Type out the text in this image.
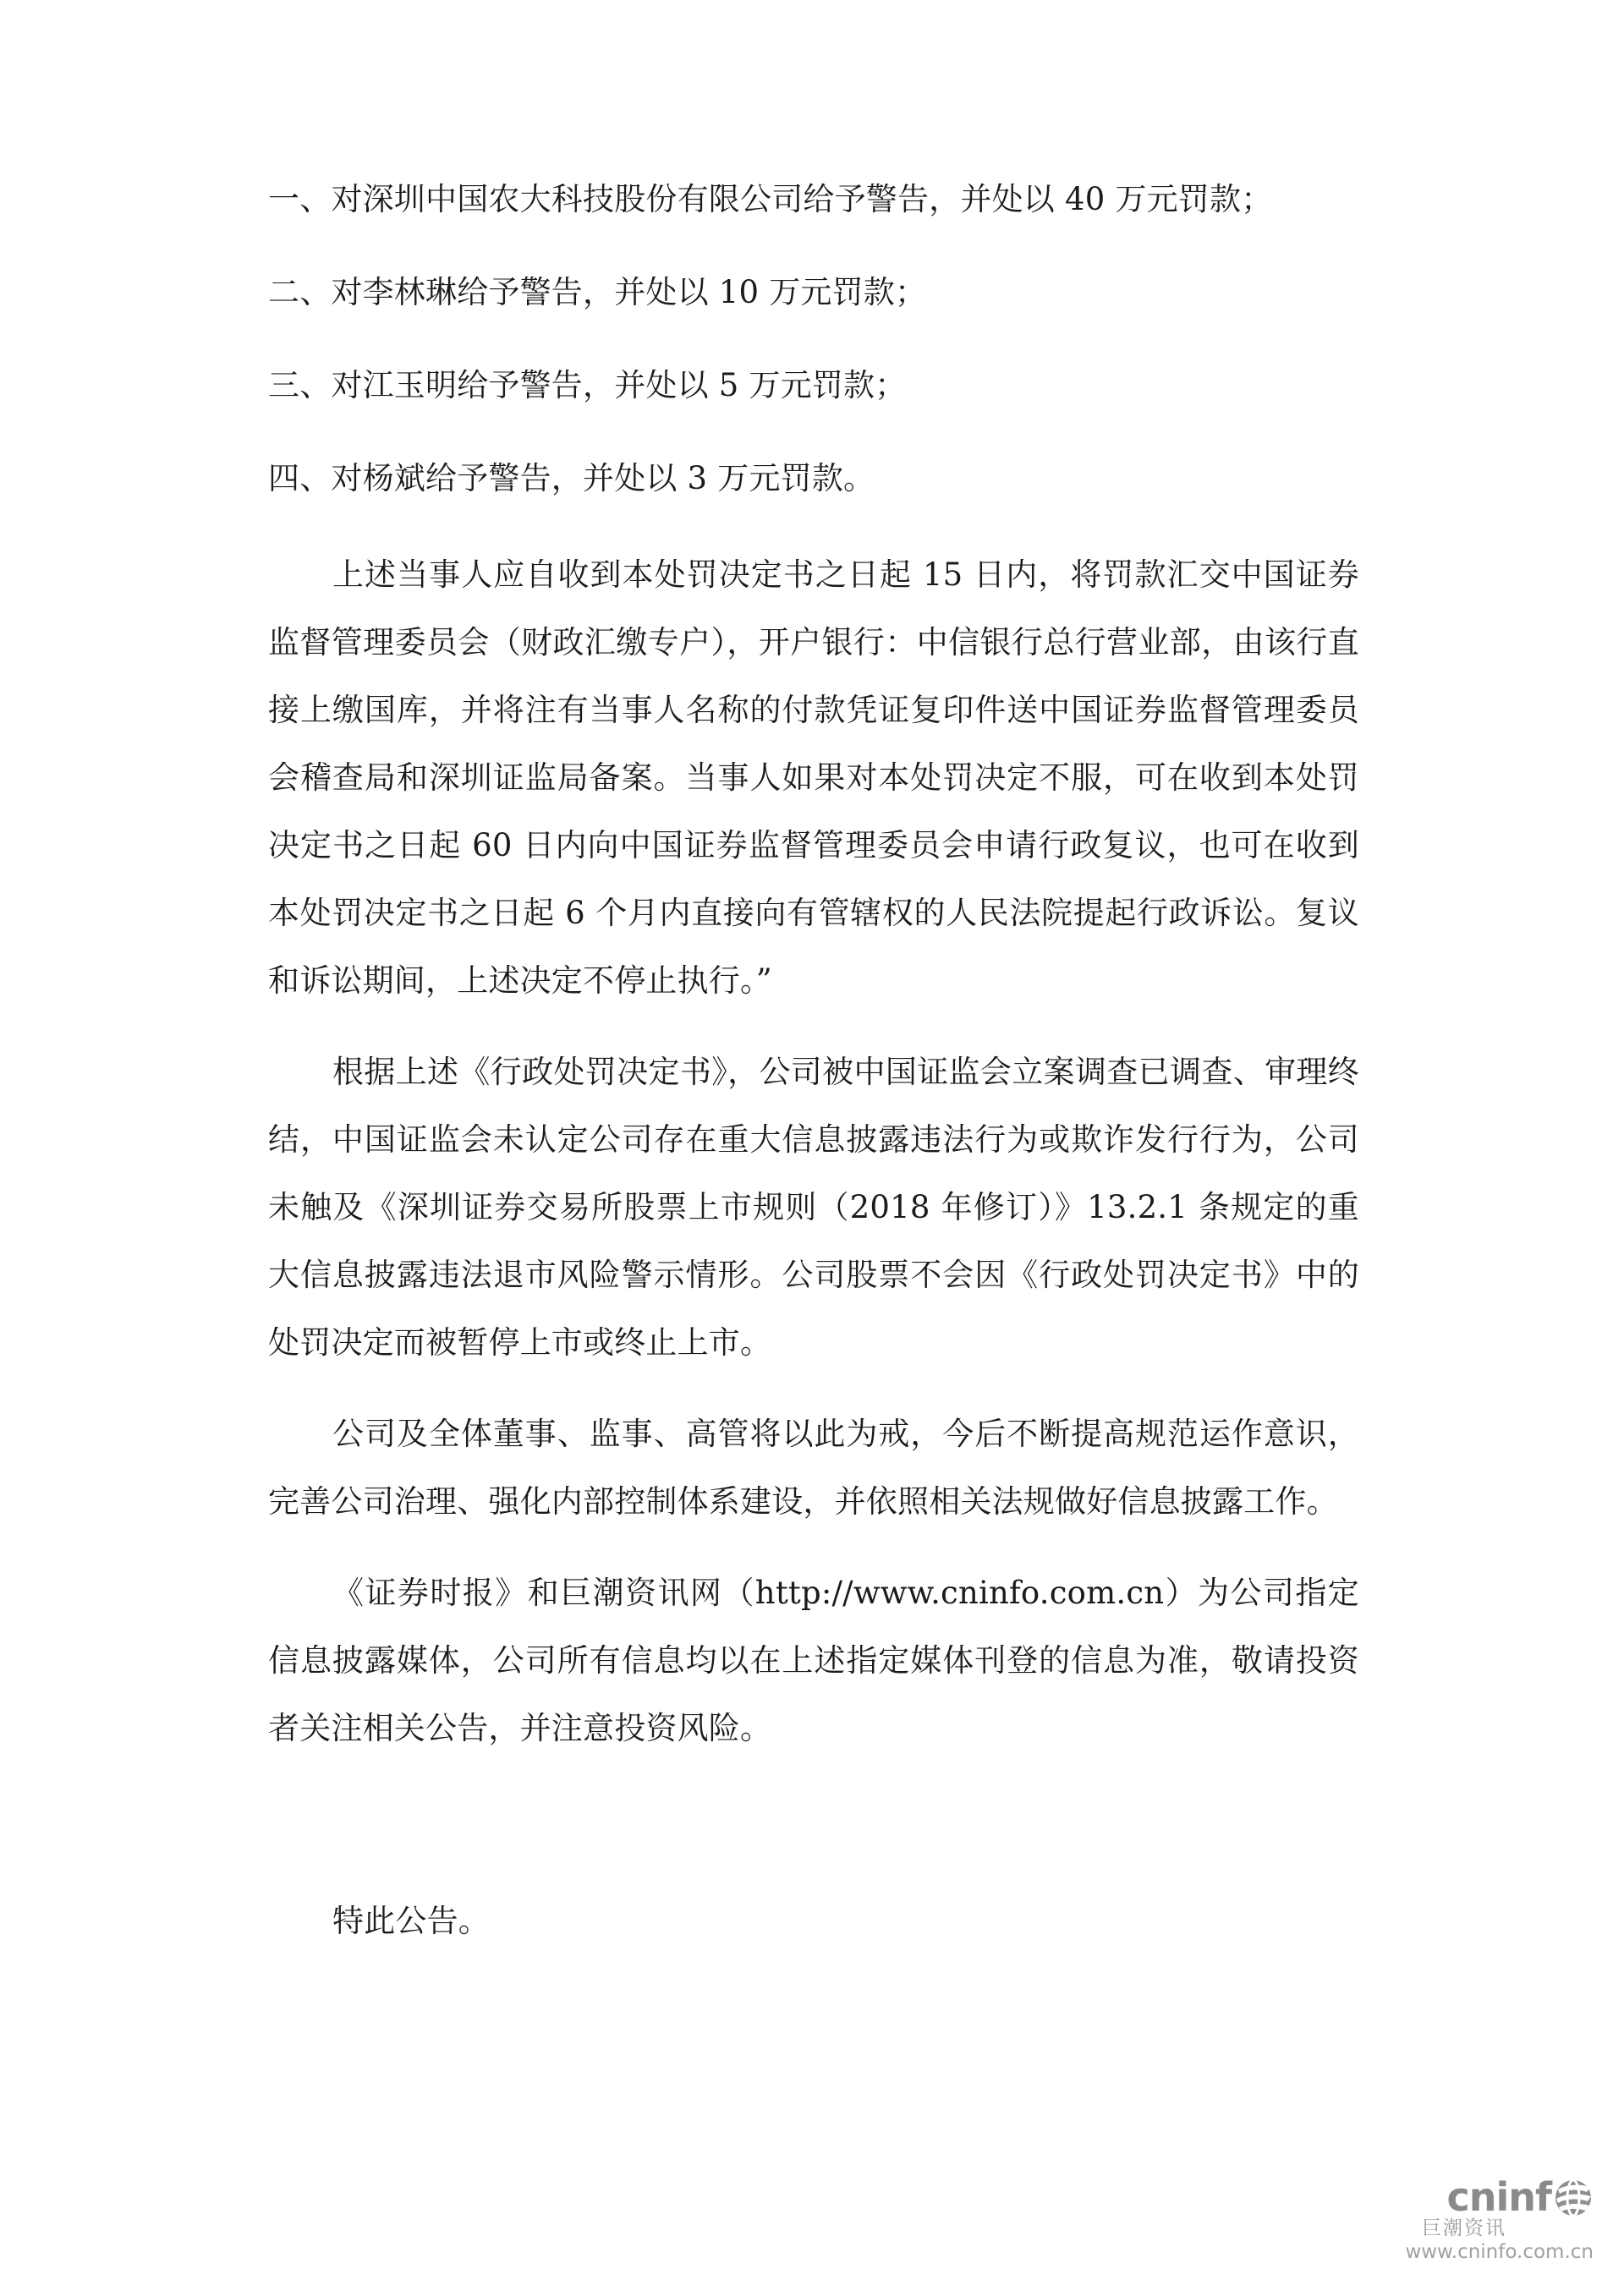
一、对深圳中国农大科技股份有限公司给予警告，并处以 40 万元罚款；

二、对李林琳给予警告，并处以 10 万元罚款；

三、对江玉明给予警告，并处以 5 万元罚款；

四、对杨斌给予警告，并处以 3 万元罚款。

上述当事人应自收到本处罚决定书之日起 15 日内，将罚款汇交中国证券监督管理委员会（财政汇缴专户），开户银行：中信银行总行营业部，由该行直接上缴国库，并将注有当事人名称的付款凭证复印件送中国证券监督管理委员会稽查局和深圳证监局备案。当事人如果对本处罚决定不服，可在收到本处罚决定书之日起 60 日内向中国证券监督管理委员会申请行政复议，也可在收到本处罚决定书之日起 6 个月内直接向有管辖权的人民法院提起行政诉讼。复议和诉讼期间，上述决定不停止执行。”

根据上述《行政处罚决定书》，公司被中国证监会立案调查已调查、审理终结，中国证监会未认定公司存在重大信息披露违法行为或欺诈发行行为，公司未触及《深圳证券交易所股票上市规则（2018 年修订）》13.2.1 条规定的重大信息披露违法退市风险警示情形。公司股票不会因《行政处罚决定书》中的处罚决定而被暂停上市或终止上市。

公司及全体董事、监事、高管将以此为戒，今后不断提高规范运作意识，完善公司治理、强化内部控制体系建设，并依照相关法规做好信息披露工作。

《证券时报》和巨潮资讯网（http://www.cninfo.com.cn）为公司指定信息披露媒体，公司所有信息均以在上述指定媒体刊登的信息为准，敬请投资者关注相关公告，并注意投资风险。

特此公告。

cninf
巨潮资讯
www.cninfo.com.cn
